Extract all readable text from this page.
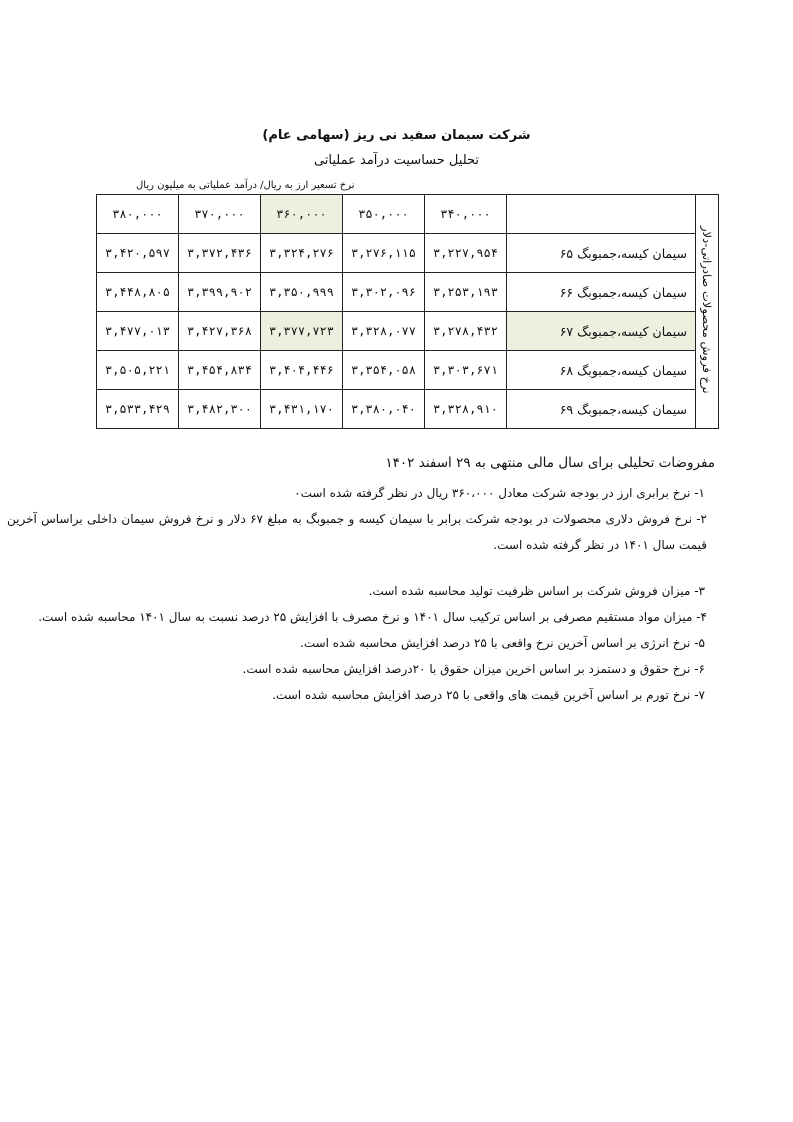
شرکت سیمان سفید نی ریز (سهامی عام)
تحلیل حساسیت درآمد عملیاتی
نرخ تسعیر ارز به ریال/ درآمد عملیاتی به میلیون ریال
۳۸۰,۰۰۰	۳۷۰,۰۰۰	۳۶۰,۰۰۰	۳۵۰,۰۰۰	۳۴۰,۰۰۰		نرخ فروش محصولات صادراتی-دلار
۳,۴۲۰,۵۹۷	۳,۳۷۲,۴۳۶	۳,۳۲۴,۲۷۶	۳,۲۷۶,۱۱۵	۳,۲۲۷,۹۵۴	سیمان کیسه،جمبوبگ ۶۵	
۳,۴۴۸,۸۰۵	۳,۳۹۹,۹۰۲	۳,۳۵۰,۹۹۹	۳,۳۰۲,۰۹۶	۳,۲۵۳,۱۹۳	سیمان کیسه،جمبوبگ ۶۶	
۳,۴۷۷,۰۱۳	۳,۴۲۷,۳۶۸	۳,۳۷۷,۷۲۳	۳,۳۲۸,۰۷۷	۳,۲۷۸,۴۳۲	سیمان کیسه،جمبوبگ ۶۷	
۳,۵۰۵,۲۲۱	۳,۴۵۴,۸۳۴	۳,۴۰۴,۴۴۶	۳,۳۵۴,۰۵۸	۳,۳۰۳,۶۷۱	سیمان کیسه،جمبوبگ ۶۸	
۳,۵۳۳,۴۲۹	۳,۴۸۲,۳۰۰	۳,۴۳۱,۱۷۰	۳,۳۸۰,۰۴۰	۳,۳۲۸,۹۱۰	سیمان کیسه،جمبوبگ ۶۹	
مفروضات تحلیلی برای سال مالی منتهی به ۲۹ اسفند ۱۴۰۲

۱- نرخ برابری ارز در بودجه شرکت معادل ۳۶۰،۰۰۰ ریال در نظر گرفته شده است٠

۲- نرخ فروش دلاری محصولات در بودجه شرکت برابر با سیمان کیسه و جمبوبگ به مبلغ ۶۷ دلار و نرخ فروش سیمان داخلی براساس آخرین قیمت سال ۱۴۰۱ در نظر گرفته شده است.

۳- میزان فروش شرکت بر اساس ظرفیت تولید محاسبه شده است.

۴- میزان مواد مستقیم مصرفی بر اساس ترکیب سال ۱۴۰۱ و نرخ مصرف با افزایش ۲۵ درصد نسبت به سال ۱۴۰۱ محاسبه شده است.

۵- نرخ انرژی بر اساس آخرین نرخ واقعی با ۲۵ درصد افزایش محاسبه شده است.

۶- نرخ حقوق و دستمزد بر اساس اخرین میزان حقوق با ۲۰درصد افزایش محاسبه شده است.

۷- نرخ تورم بر اساس آخرین قیمت های واقعی با ۲۵ درصد افزایش محاسبه شده است.
